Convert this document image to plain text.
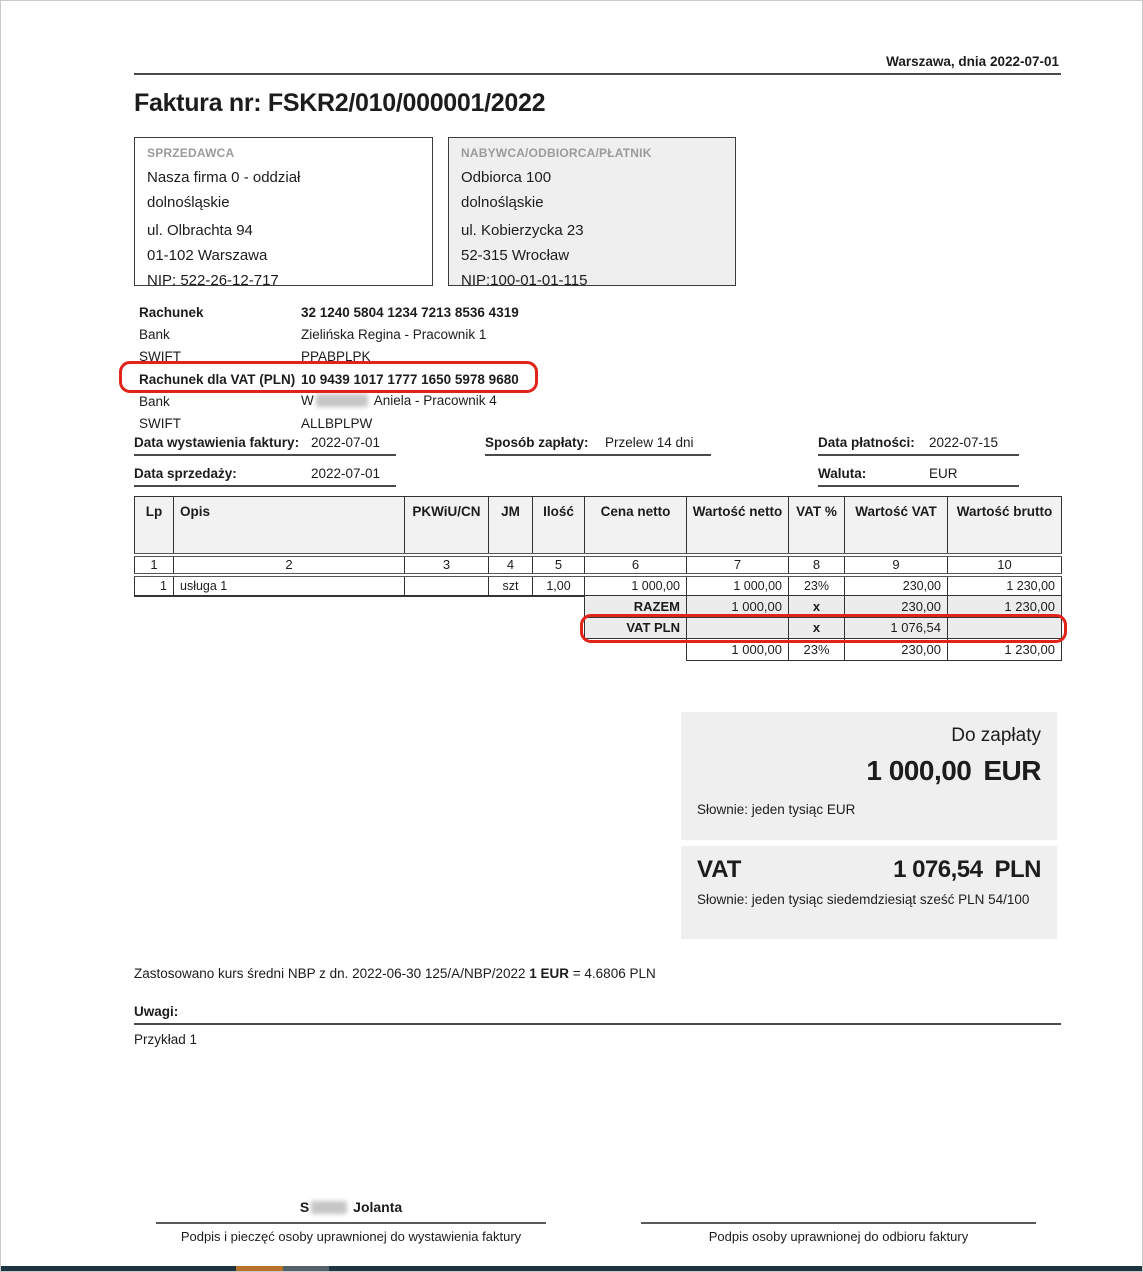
Warszawa, dnia 2022-07-01
Faktura nr: FSKR2/010/000001/2022
SPRZEDAWCA
Nasza firma 0 - oddział
dolnośląskie
ul. Olbrachta 94
01-102 Warszawa
NIP: 522-26-12-717
NABYWCA/ODBIORCA/PŁATNIK
Odbiorca 100
dolnośląskie
ul. Kobierzycka 23
52-315 Wrocław
NIP:100-01-01-115
Rachunek	32 1240 5804 1234 7213 8536 4319
Bank	Zielińska Regina - Pracownik 1
SWIFT	PPABPLPK
Rachunek dla VAT (PLN) 10 9439 1017 1777 1650 5978 9680
Bank	W	Aniela - Pracownik 4
SWIFT	ALLBPLPW
Data wystawienia faktury: 2022-07-01	Sposób zapłaty: Przelew 14 dni	Data płatności: 2022-07-15
Data sprzedaży:	2022-07-01	Waluta:	EUR
Lp	Opis	PKWiU/CN	JM	Ilość	Cena netto	Wartość netto	VAT %	Wartość VAT	Wartość brutto
1	2	3	4	5	6	7	8	9	10
1	usługa 1		szt	1,00	1 000,00	1 000,00	23%	230,00	1 230,00
RAZEM	1 000,00	x	230,00	1 230,00
VAT PLN		x	1 076,54	
	1 000,00	23%	230,00	1 230,00
Do zapłaty
1 000,00 EUR
Słownie: jeden tysiąc EUR
VAT	1 076,54 PLN
Słownie: jeden tysiąc siedemdziesiąt sześć PLN 54/100
Zastosowano kurs średni NBP z dn. 2022-06-30 125/A/NBP/2022 1 EUR = 4.6806 PLN
Uwagi:
Przykład 1
S	Jolanta
Podpis i pieczęć osoby uprawnionej do wystawienia faktury	Podpis osoby uprawnionej do odbioru faktury
